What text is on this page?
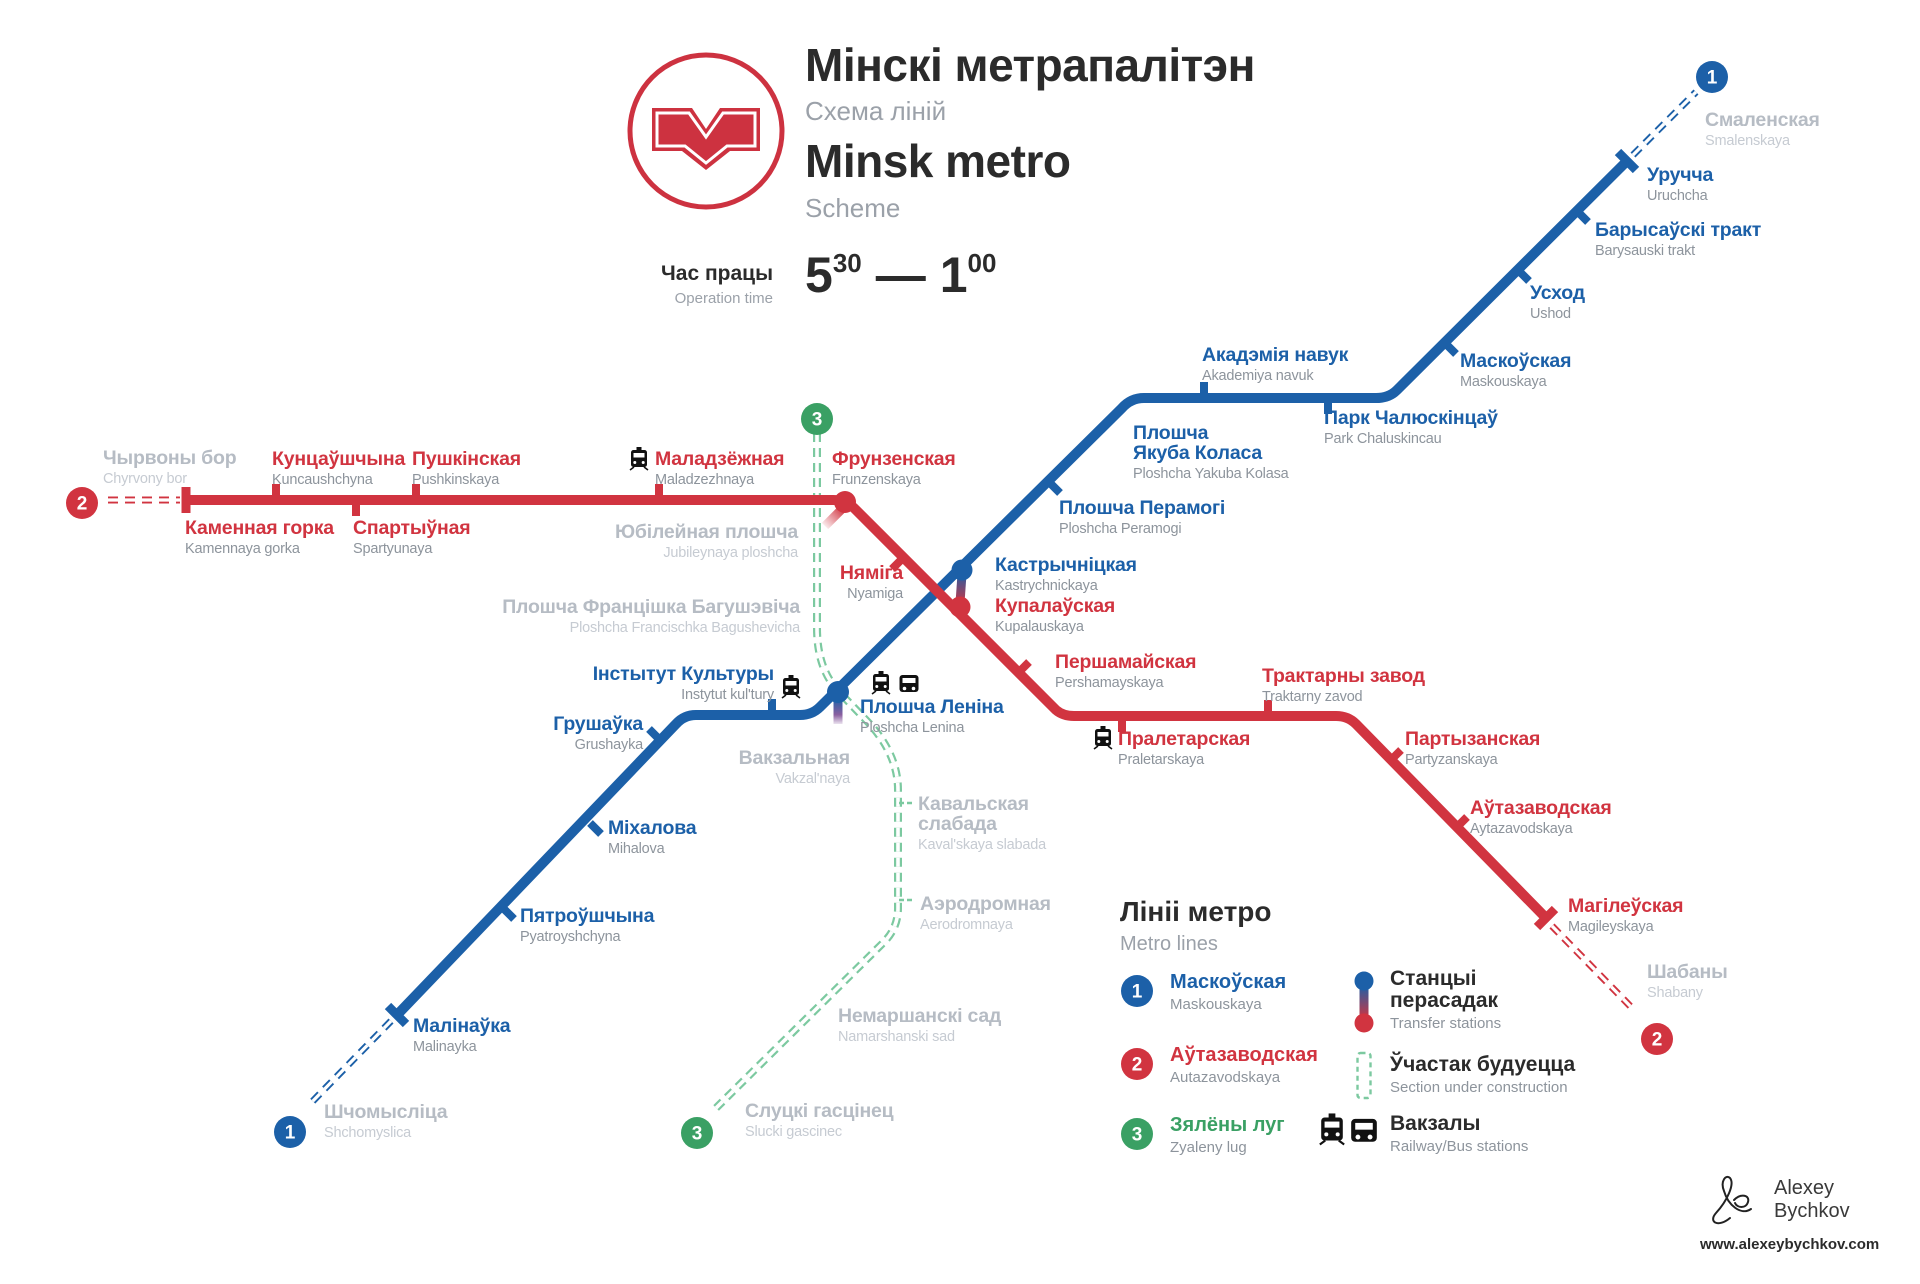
1
1
2
2
3
3
1
2
3
Шчомысліца
Shchomyslica
Малінаўка
Malinayka
Пятроўшчына
Pyatroyshchyna
Міхалова
Mihalova
Грушаўка
Grushayka
Інстытут Культуры
Instytut kul'tury
Плошча Леніна
Ploshcha Lenina
Кастрычніцкая
Kastrychnickaya
Плошча Перамогі
Ploshcha Peramogi
Плошча
Якуба Коласа
Ploshcha Yakuba Kolasa
Акадэмія навук
Akademiya navuk
Парк Чалюскінцаў
Park Chaluskincau
Маскоўская
Maskouskaya
Усход
Ushod
Барысаўскі тракт
Barysauski trakt
Уручча
Uruchcha
Смаленская
Smalenskaya
Чырвоны бор
Chyrvony bor
Каменная горка
Kamennaya gorka
Кунцаўшчына
Kuncaushchyna
Спартыўная
Spartyunaya
Пушкінская
Pushkinskaya
Маладзёжная
Maladzezhnaya
Фрунзенская
Frunzenskaya
Няміга
Nyamiga
Купалаўская
Kupalauskaya
Першамайская
Pershamayskaya
Пралетарская
Praletarskaya
Трактарны завод
Traktarny zavod
Партызанская
Partyzanskaya
Аўтазаводская
Aytazavodskaya
Магілеўская
Magileyskaya
Шабаны
Shabany
Юбілейная плошча
Jubileynaya ploshcha
Плошча Францішка Багушэвіча
Ploshcha Francischka Bagushevicha
Вакзальная
Vakzal'naya
Кавальская
слабада
Kaval'skaya slabada
Аэродромная
Aerodromnaya
Немаршанскі сад
Namarshanski sad
Слуцкі гасцінец
Slucki gascinec
Мінскі метрапалітэн
Схема ліній
Minsk metro
Scheme
Час працы
Operation time $5^{30}$ — $1^{00}$
Лініі метро
Metro lines
Маскоўская
Maskouskaya
Аўтазаводская
Autazavodskaya
Зялёны луг
Zyaleny lug
Станцыі
перасадак
Transfer stations
Ўчастак будуецца
Section under construction
Вакзалы
Railway/Bus stations
Alexey
Bychkov
www.alexeybychkov.com
